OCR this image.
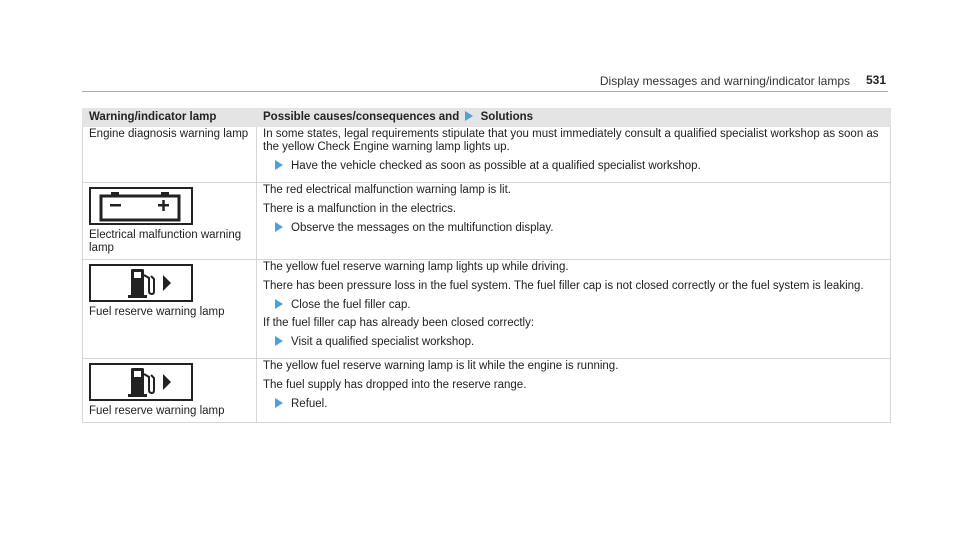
Display messages and warning/indicator lamps 531
Warning/indicator lamp	Possible causes/consequences and Solutions

Engine diagnosis warning lamp	In some states, legal requirements stipulate that you must immediately consult a qualified specialist workshop as soon as the yellow Check Engine warning lamp lights up.
Have the vehicle checked as soon as possible at a qualified specialist workshop.

Electrical malfunction warning lamp	The red electrical malfunction warning lamp is lit.
There is a malfunction in the electrics.
Observe the messages on the multifunction display.

Fuel reserve warning lamp	The yellow fuel reserve warning lamp lights up while driving.
There has been pressure loss in the fuel system. The fuel filler cap is not closed correctly or the fuel system is leaking.
Close the fuel filler cap.
If the fuel filler cap has already been closed correctly:
Visit a qualified specialist workshop.

Fuel reserve warning lamp	The yellow fuel reserve warning lamp is lit while the engine is running.
The fuel supply has dropped into the reserve range.
Refuel.
